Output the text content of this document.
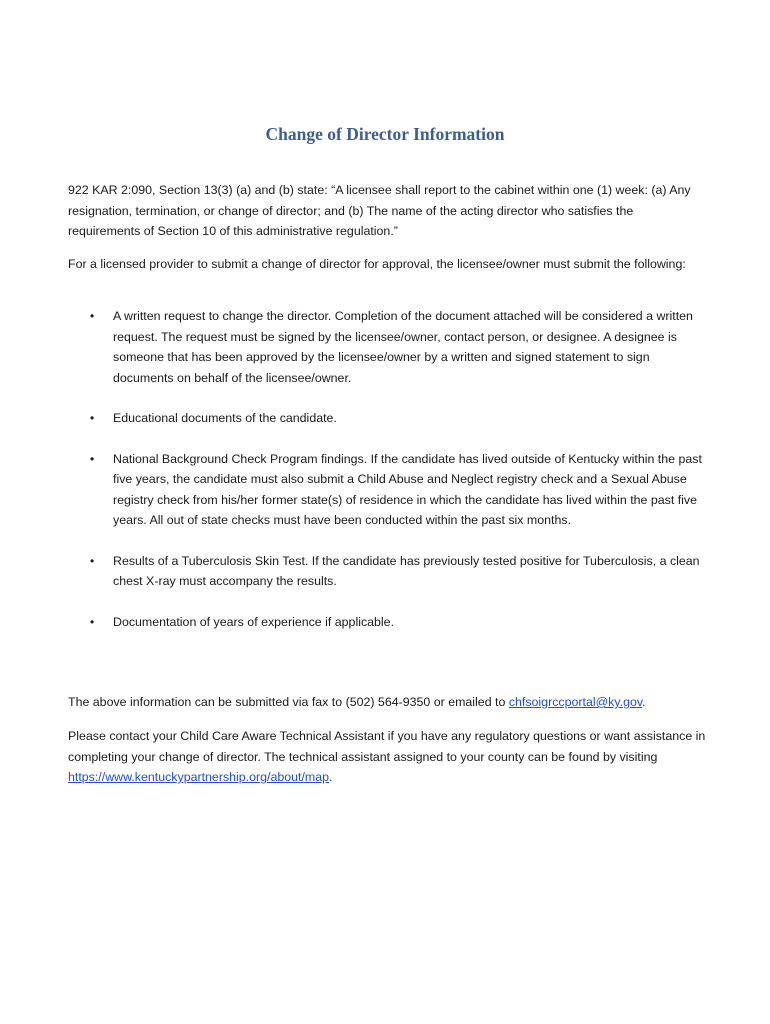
Change of Director Information

922 KAR 2:090, Section 13(3) (a) and (b) state: “A licensee shall report to the cabinet within one (1) week: (a) Any resignation, termination, or change of director; and (b) The name of the acting director who satisfies the requirements of Section 10 of this administrative regulation.”

For a licensed provider to submit a change of director for approval, the licensee/owner must submit the following:

• A written request to change the director. Completion of the document attached will be considered a written request. The request must be signed by the licensee/owner, contact person, or designee. A designee is someone that has been approved by the licensee/owner by a written and signed statement to sign documents on behalf of the licensee/owner.
• Educational documents of the candidate.
• National Background Check Program findings. If the candidate has lived outside of Kentucky within the past five years, the candidate must also submit a Child Abuse and Neglect registry check and a Sexual Abuse registry check from his/her former state(s) of residence in which the candidate has lived within the past five years. All out of state checks must have been conducted within the past six months.
• Results of a Tuberculosis Skin Test. If the candidate has previously tested positive for Tuberculosis, a clean chest X-ray must accompany the results.
• Documentation of years of experience if applicable.

The above information can be submitted via fax to (502) 564-9350 or emailed to chfsoigrccportal@ky.gov.

Please contact your Child Care Aware Technical Assistant if you have any regulatory questions or want assistance in completing your change of director. The technical assistant assigned to your county can be found by visiting https://www.kentuckypartnership.org/about/map.
